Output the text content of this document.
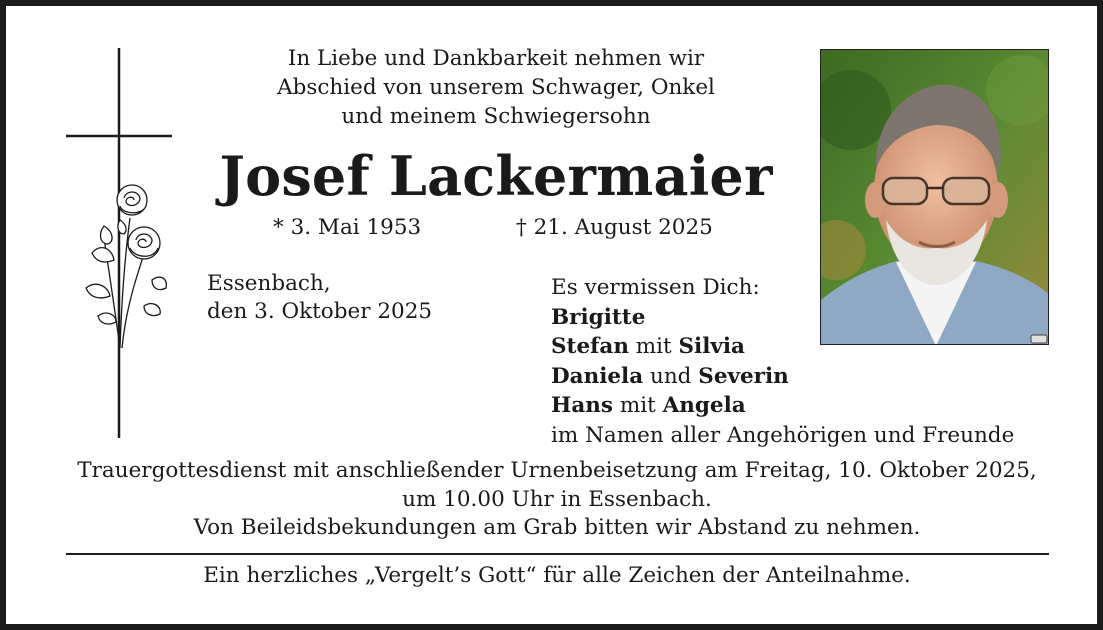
In Liebe und Dankbarkeit nehmen wir
Abschied von unserem Schwager, Onkel
und meinem Schwiegersohn
Josef Lackermaier
* 3. Mai 1953	† 21. August 2025
Essenbach,
den 3. Oktober 2025
Es vermissen Dich:
Brigitte
Stefan mit Silvia
Daniela und Severin
Hans mit Angela
im Namen aller Angehörigen und Freunde
Trauergottesdienst mit anschließender Urnenbeisetzung am Freitag, 10. Oktober 2025,
um 10.00 Uhr in Essenbach.
Von Beileidsbekundungen am Grab bitten wir Abstand zu nehmen.
Ein herzliches „Vergelt’s Gott“ für alle Zeichen der Anteilnahme.
